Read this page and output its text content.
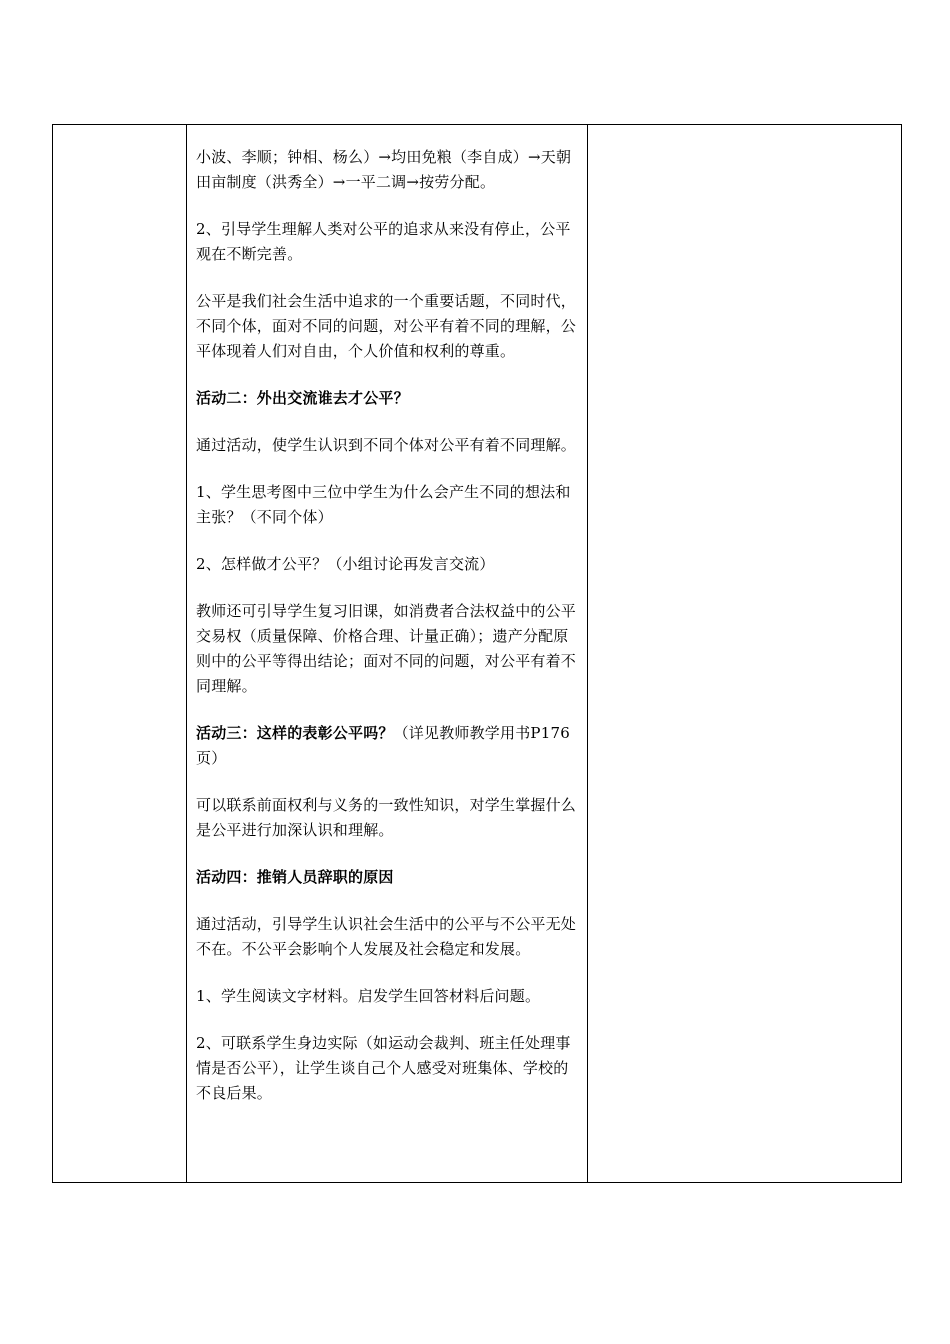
小波、李顺；钟相、杨么）→均田免粮（李自成）→天朝田亩制度（洪秀全）→一平二调→按劳分配。

2、引导学生理解人类对公平的追求从来没有停止，公平观在不断完善。

公平是我们社会生活中追求的一个重要话题，不同时代，不同个体，面对不同的问题，对公平有着不同的理解，公平体现着人们对自由，个人价值和权利的尊重。

活动二：外出交流谁去才公平？

通过活动，使学生认识到不同个体对公平有着不同理解。

1、学生思考图中三位中学生为什么会产生不同的想法和主张？（不同个体）

2、怎样做才公平？（小组讨论再发言交流）

教师还可引导学生复习旧课，如消费者合法权益中的公平交易权（质量保障、价格合理、计量正确）；遗产分配原则中的公平等得出结论；面对不同的问题，对公平有着不同理解。

活动三：这样的表彰公平吗？（详见教师教学用书P176页）

可以联系前面权利与义务的一致性知识，对学生掌握什么是公平进行加深认识和理解。

活动四：推销人员辞职的原因

通过活动，引导学生认识社会生活中的公平与不公平无处不在。不公平会影响个人发展及社会稳定和发展。

1、学生阅读文字材料。启发学生回答材料后问题。

2、可联系学生身边实际（如运动会裁判、班主任处理事情是否公平），让学生谈自己个人感受对班集体、学校的不良后果。
